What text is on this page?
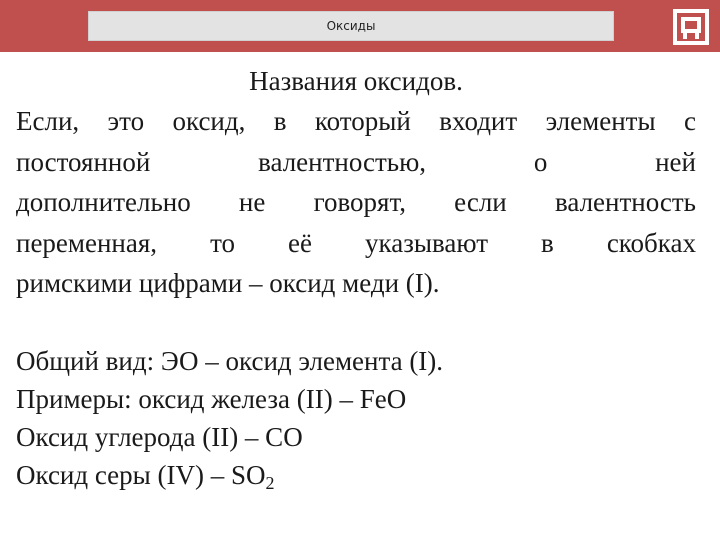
Оксиды
Названия оксидов.
Если, это оксид, в который входит элементы с
постоянной валентностью, о ней
дополнительно не говорят, если валентность
переменная, то её указывают в скобках
римскими цифрами – оксид меди (I).
Общий вид: ЭО – оксид элемента (I).
Примеры: оксид железа (II) – FeO
Оксид углерода (II) – CO
Оксид серы $(IV) - SO_2$
